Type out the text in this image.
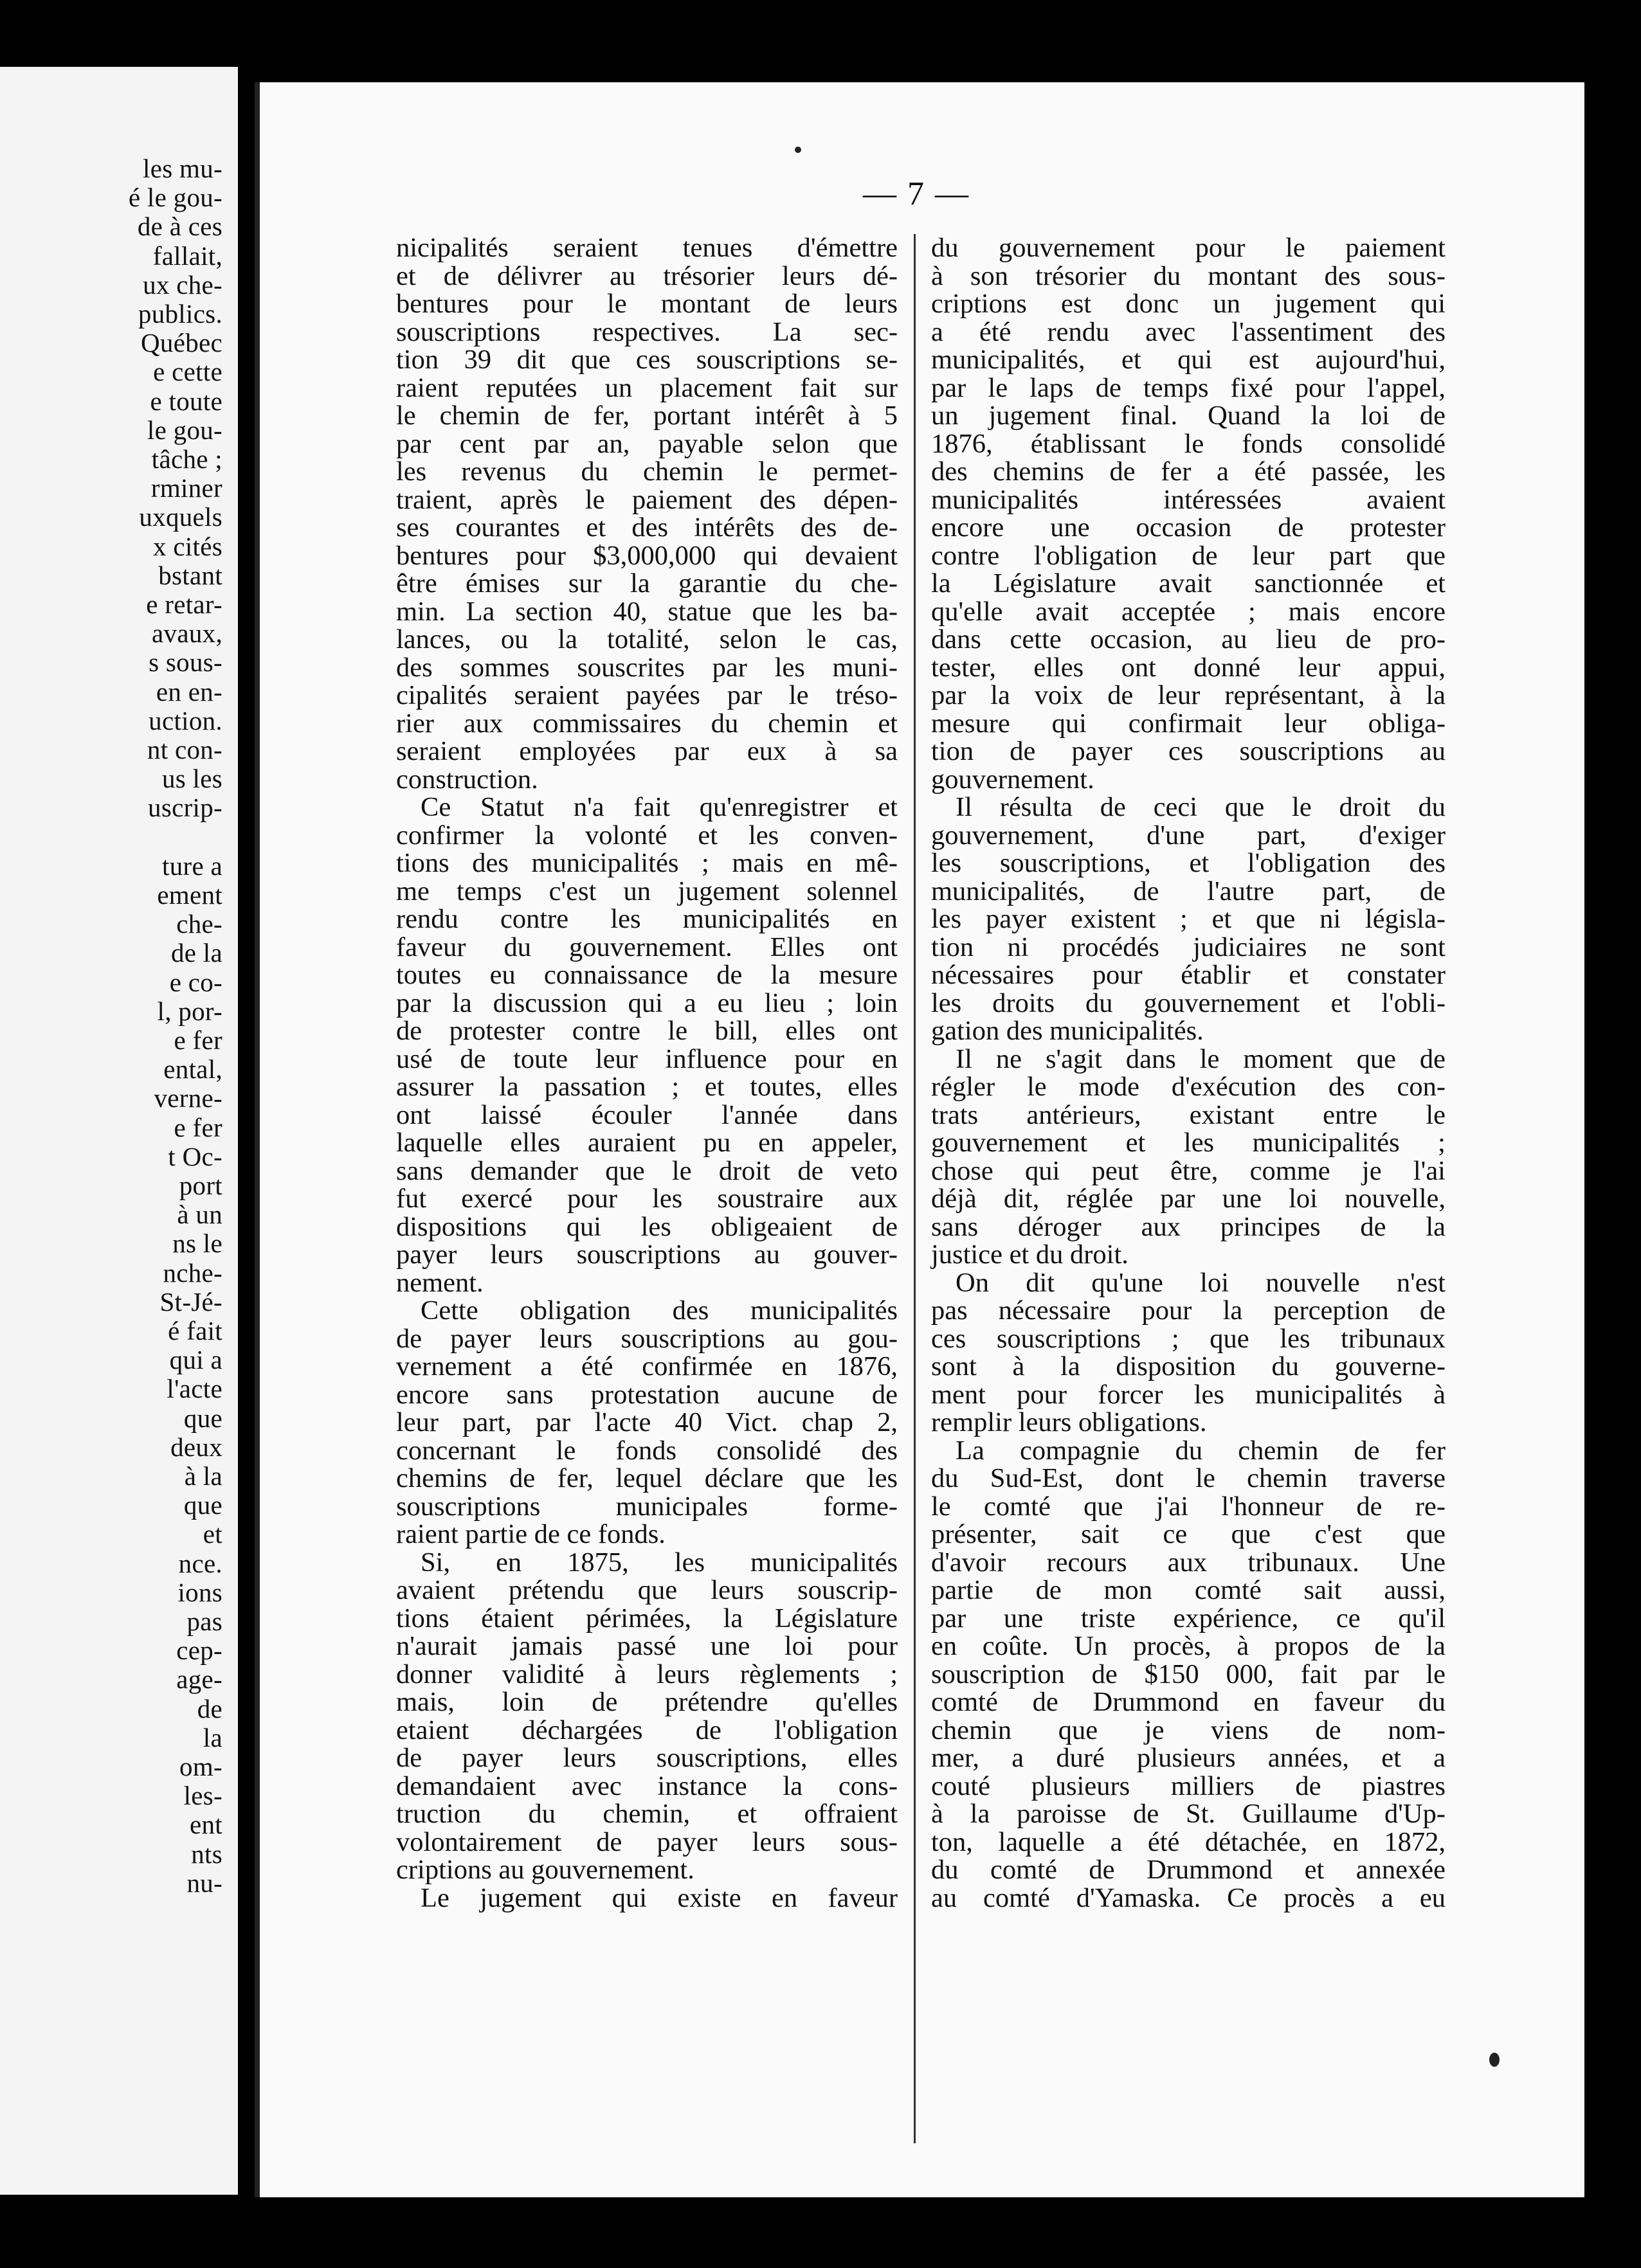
les mu-
é le gou-
de à ces
fallait,
ux che-
publics.
Québec
e cette
e toute
le gou-
tâche ;
rminer
uxquels
x cités
bstant
e retar-
avaux,
s sous-
en en-
uction.
nt con-
us les
uscrip-
ture a
ement
che-
de la
e co-
l, por-
e fer
ental,
verne-
e fer
t Oc-
port
à un
ns le
nche-
St-Jé-
é fait
qui a
l'acte
que
deux
à la
que
et
nce.
ions
pas
cep-
age-
de
la
om-
les-
ent
nts
nu-
— 7 —
nicipalités seraient tenues d'émettre
et de délivrer au trésorier leurs dé-
bentures pour le montant de leurs
souscriptions respectives. La sec-
tion 39 dit que ces souscriptions se-
raient reputées un placement fait sur
le chemin de fer, portant intérêt à 5
par cent par an, payable selon que
les revenus du chemin le permet-
traient, après le paiement des dépen-
ses courantes et des intérêts des de-
bentures pour $3,000,000 qui devaient
être émises sur la garantie du che-
min. La section 40, statue que les ba-
lances, ou la totalité, selon le cas,
des sommes souscrites par les muni-
cipalités seraient payées par le tréso-
rier aux commissaires du chemin et
seraient employées par eux à sa
construction.
Ce Statut n'a fait qu'enregistrer et
confirmer la volonté et les conven-
tions des municipalités ; mais en mê-
me temps c'est un jugement solennel
rendu contre les municipalités en
faveur du gouvernement. Elles ont
toutes eu connaissance de la mesure
par la discussion qui a eu lieu ; loin
de protester contre le bill, elles ont
usé de toute leur influence pour en
assurer la passation ; et toutes, elles
ont laissé écouler l'année dans
laquelle elles auraient pu en appeler,
sans demander que le droit de veto
fut exercé pour les soustraire aux
dispositions qui les obligeaient de
payer leurs souscriptions au gouver-
nement.
Cette obligation des municipalités
de payer leurs souscriptions au gou-
vernement a été confirmée en 1876,
encore sans protestation aucune de
leur part, par l'acte 40 Vict. chap 2,
concernant le fonds consolidé des
chemins de fer, lequel déclare que les
souscriptions municipales forme-
raient partie de ce fonds.
Si, en 1875, les municipalités
avaient prétendu que leurs souscrip-
tions étaient périmées, la Législature
n'aurait jamais passé une loi pour
donner validité à leurs règlements ;
mais, loin de prétendre qu'elles
etaient déchargées de l'obligation
de payer leurs souscriptions, elles
demandaient avec instance la cons-
truction du chemin, et offraient
volontairement de payer leurs sous-
criptions au gouvernement.
Le jugement qui existe en faveur
du gouvernement pour le paiement
à son trésorier du montant des sous-
criptions est donc un jugement qui
a été rendu avec l'assentiment des
municipalités, et qui est aujourd'hui,
par le laps de temps fixé pour l'appel,
un jugement final. Quand la loi de
1876, établissant le fonds consolidé
des chemins de fer a été passée, les
municipalités intéressées avaient
encore une occasion de protester
contre l'obligation de leur part que
la Législature avait sanctionnée et
qu'elle avait acceptée ; mais encore
dans cette occasion, au lieu de pro-
tester, elles ont donné leur appui,
par la voix de leur représentant, à la
mesure qui confirmait leur obliga-
tion de payer ces souscriptions au
gouvernement.
Il résulta de ceci que le droit du
gouvernement, d'une part, d'exiger
les souscriptions, et l'obligation des
municipalités, de l'autre part, de
les payer existent ; et que ni législa-
tion ni procédés judiciaires ne sont
nécessaires pour établir et constater
les droits du gouvernement et l'obli-
gation des municipalités.
Il ne s'agit dans le moment que de
régler le mode d'exécution des con-
trats antérieurs, existant entre le
gouvernement et les municipalités ;
chose qui peut être, comme je l'ai
déjà dit, réglée par une loi nouvelle,
sans déroger aux principes de la
justice et du droit.
On dit qu'une loi nouvelle n'est
pas nécessaire pour la perception de
ces souscriptions ; que les tribunaux
sont à la disposition du gouverne-
ment pour forcer les municipalités à
remplir leurs obligations.
La compagnie du chemin de fer
du Sud-Est, dont le chemin traverse
le comté que j'ai l'honneur de re-
présenter, sait ce que c'est que
d'avoir recours aux tribunaux. Une
partie de mon comté sait aussi,
par une triste expérience, ce qu'il
en coûte. Un procès, à propos de la
souscription de $150 000, fait par le
comté de Drummond en faveur du
chemin que je viens de nom-
mer, a duré plusieurs années, et a
couté plusieurs milliers de piastres
à la paroisse de St. Guillaume d'Up-
ton, laquelle a été détachée, en 1872,
du comté de Drummond et annexée
au comté d'Yamaska. Ce procès a eu
